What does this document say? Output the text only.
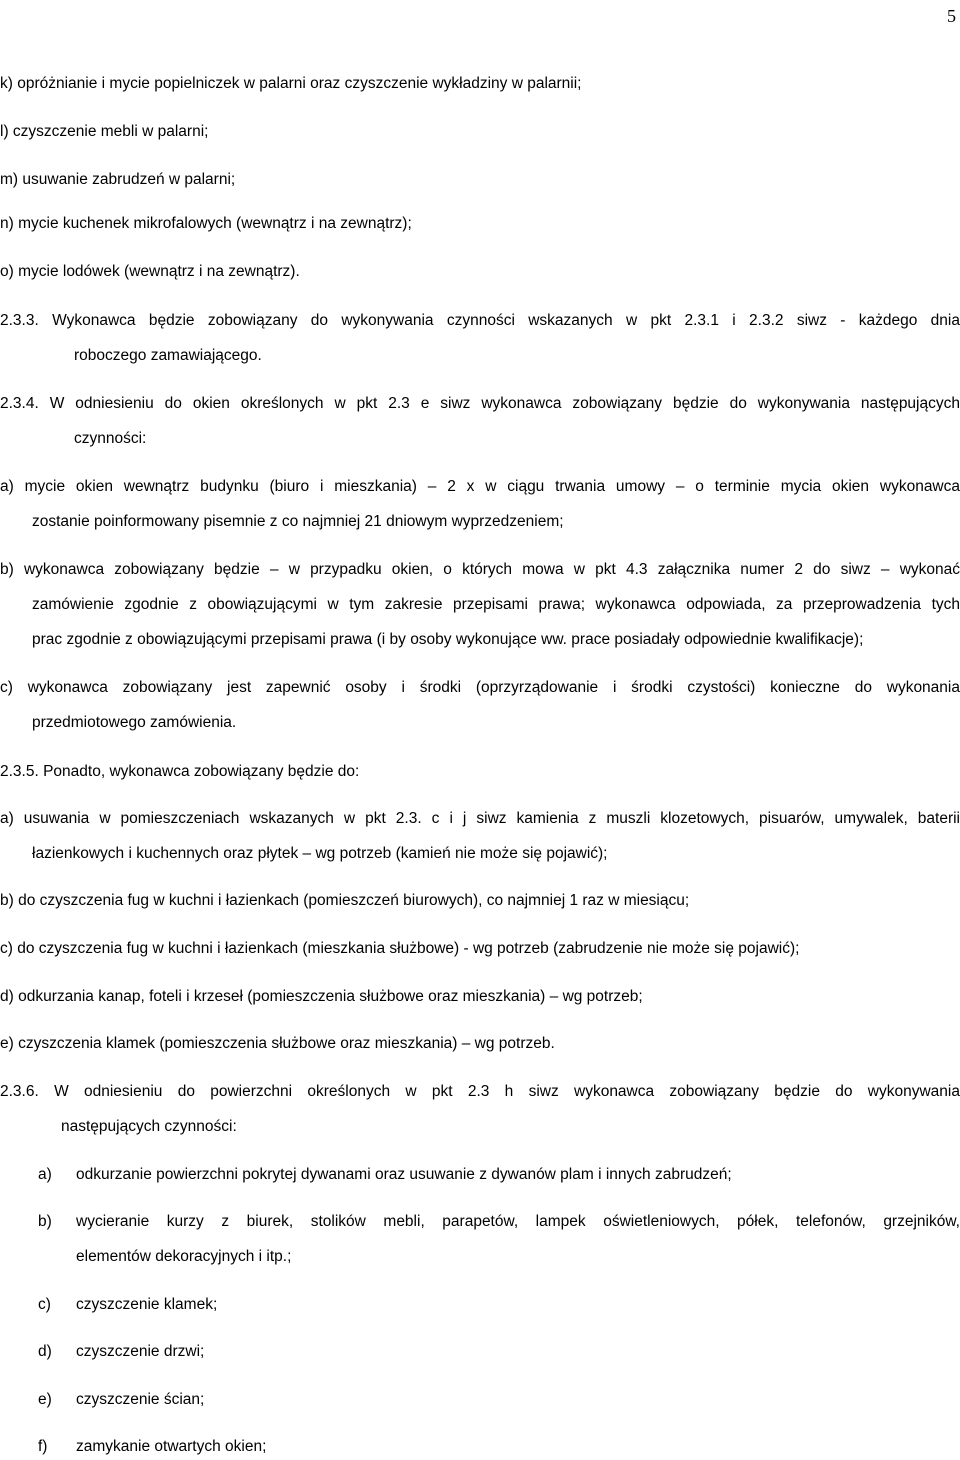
5
k) opróżnianie i mycie popielniczek w palarni oraz czyszczenie wykładziny w palarnii;
l) czyszczenie mebli w palarni;
m) usuwanie zabrudzeń w palarni;
n) mycie kuchenek mikrofalowych (wewnątrz i na zewnątrz);
o) mycie lodówek (wewnątrz i na zewnątrz).
2.3.3. Wykonawca będzie zobowiązany do wykonywania czynności wskazanych w pkt 2.3.1 i 2.3.2 siwz - każdego dnia
roboczego zamawiającego.
2.3.4. W odniesieniu do okien określonych w pkt 2.3 e siwz wykonawca zobowiązany będzie do wykonywania następujących
czynności:
a) mycie okien wewnątrz budynku (biuro i mieszkania) – 2 x w ciągu trwania umowy – o terminie mycia okien wykonawca
zostanie poinformowany pisemnie z co najmniej 21 dniowym wyprzedzeniem;
b) wykonawca zobowiązany będzie – w przypadku okien, o których mowa w pkt 4.3 załącznika numer 2 do siwz – wykonać
zamówienie zgodnie z obowiązującymi w tym zakresie przepisami prawa; wykonawca odpowiada, za przeprowadzenia tych
prac zgodnie z obowiązującymi przepisami prawa (i by osoby wykonujące ww. prace posiadały odpowiednie kwalifikacje);
c) wykonawca zobowiązany jest zapewnić osoby i środki (oprzyrządowanie i środki czystości) konieczne do wykonania
przedmiotowego zamówienia.
2.3.5. Ponadto, wykonawca zobowiązany będzie do:
a) usuwania w pomieszczeniach wskazanych w pkt 2.3. c i j siwz kamienia z muszli klozetowych, pisuarów, umywalek, baterii
łazienkowych i kuchennych oraz płytek – wg potrzeb (kamień nie może się pojawić);
b) do czyszczenia fug w kuchni i łazienkach (pomieszczeń biurowych), co najmniej 1 raz w miesiącu;
c) do czyszczenia fug w kuchni i łazienkach (mieszkania służbowe) - wg potrzeb (zabrudzenie nie może się pojawić);
d) odkurzania kanap, foteli i krzeseł (pomieszczenia służbowe oraz mieszkania) – wg potrzeb;
e) czyszczenia klamek (pomieszczenia służbowe oraz mieszkania) – wg potrzeb.
2.3.6. W odniesieniu do powierzchni określonych w pkt 2.3 h siwz wykonawca zobowiązany będzie do wykonywania
następujących czynności:
a)	odkurzanie powierzchni pokrytej dywanami oraz usuwanie z dywanów plam i innych zabrudzeń;
b)	wycieranie kurzy z biurek, stolików mebli, parapetów, lampek oświetleniowych, półek, telefonów, grzejników,
elementów dekoracyjnych i itp.;
c)	czyszczenie klamek;
d)	czyszczenie drzwi;
e)	czyszczenie ścian;
f)	zamykanie otwartych okien;
